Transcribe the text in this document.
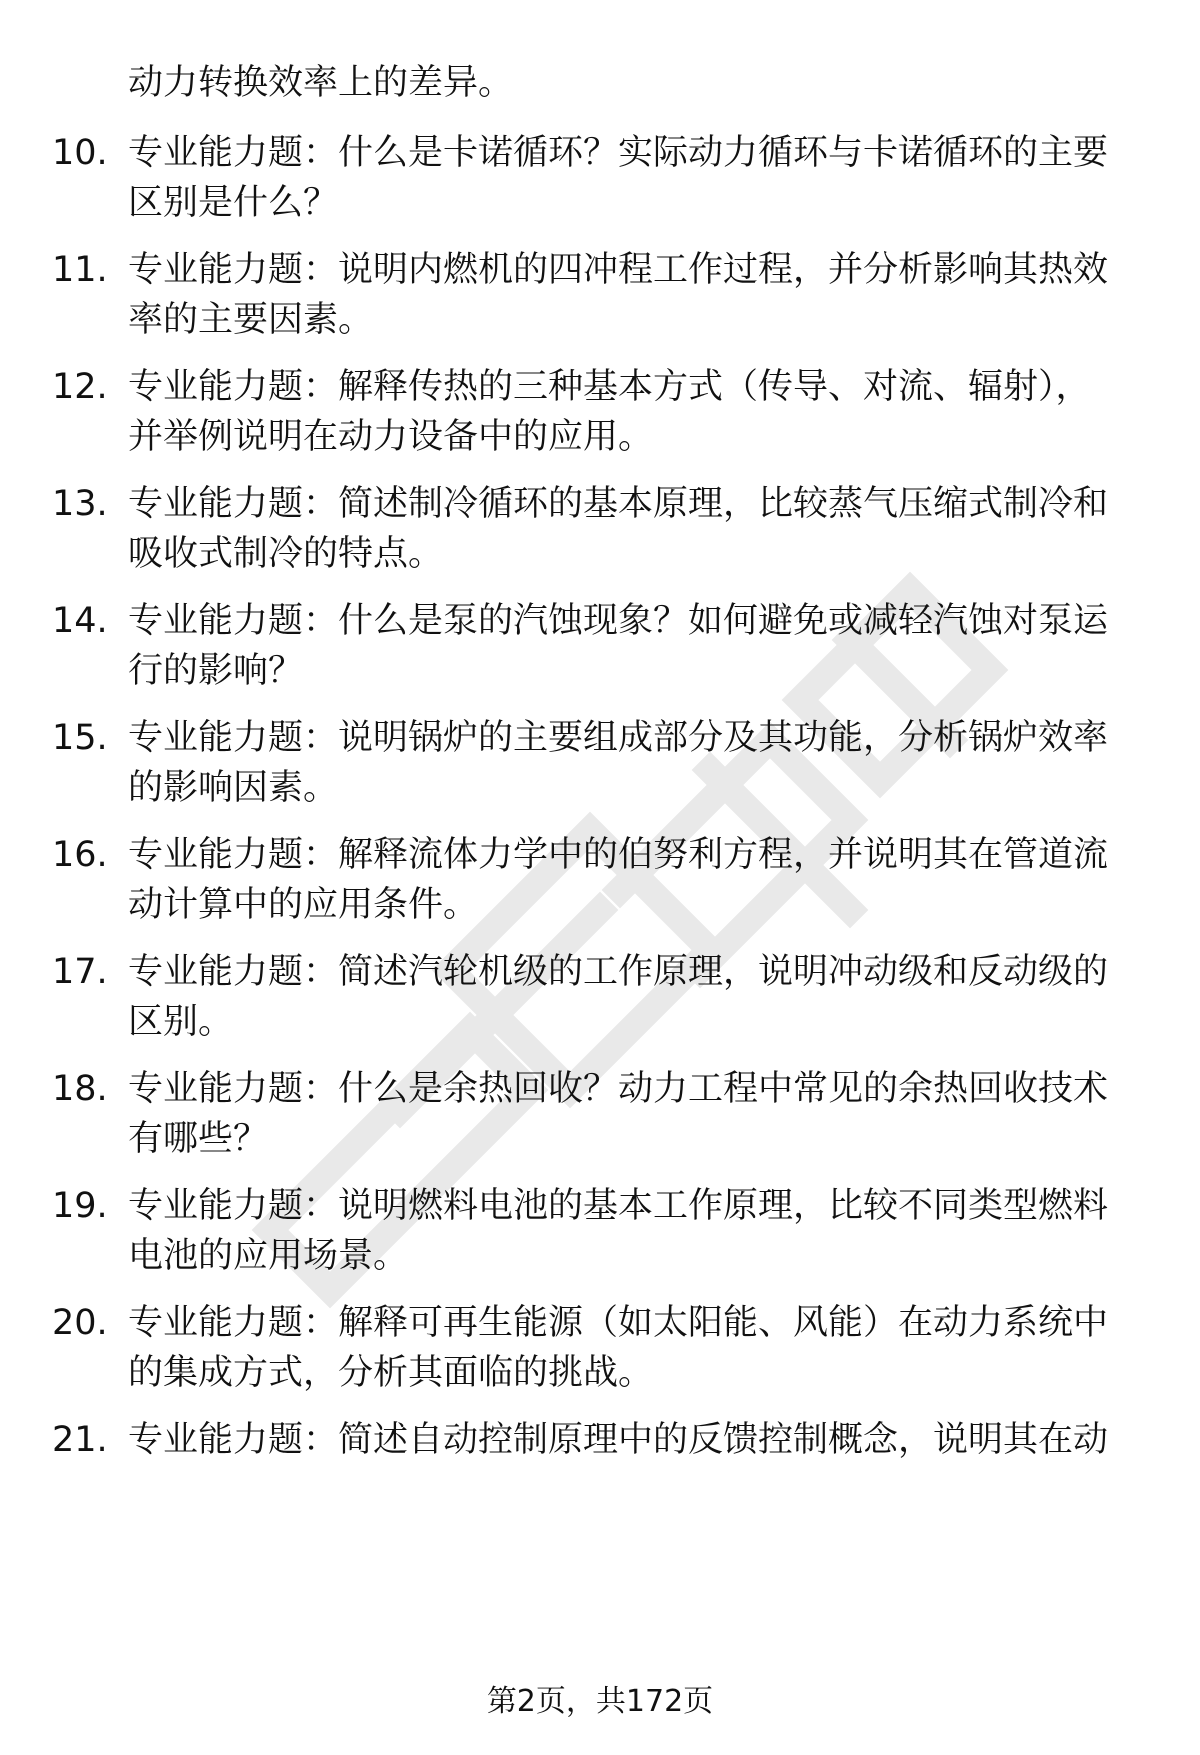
动力转换效率上的差异。
10. 专业能力题：什么是卡诺循环？实际动力循环与卡诺循环的主要
区别是什么？
11. 专业能力题：说明内燃机的四冲程工作过程，并分析影响其热效
率的主要因素。
12. 专业能力题：解释传热的三种基本方式（传导、对流、辐射），
并举例说明在动力设备中的应用。
13. 专业能力题：简述制冷循环的基本原理，比较蒸气压缩式制冷和
吸收式制冷的特点。
14. 专业能力题：什么是泵的汽蚀现象？如何避免或减轻汽蚀对泵运
行的影响？
15. 专业能力题：说明锅炉的主要组成部分及其功能，分析锅炉效率
的影响因素。
16. 专业能力题：解释流体力学中的伯努利方程，并说明其在管道流
动计算中的应用条件。
17. 专业能力题：简述汽轮机级的工作原理，说明冲动级和反动级的
区别。
18. 专业能力题：什么是余热回收？动力工程中常见的余热回收技术
有哪些？
19. 专业能力题：说明燃料电池的基本工作原理，比较不同类型燃料
电池的应用场景。
20. 专业能力题：解释可再生能源（如太阳能、风能）在动力系统中
的集成方式，分析其面临的挑战。
21. 专业能力题：简述自动控制原理中的反馈控制概念，说明其在动
第2页，共172页
